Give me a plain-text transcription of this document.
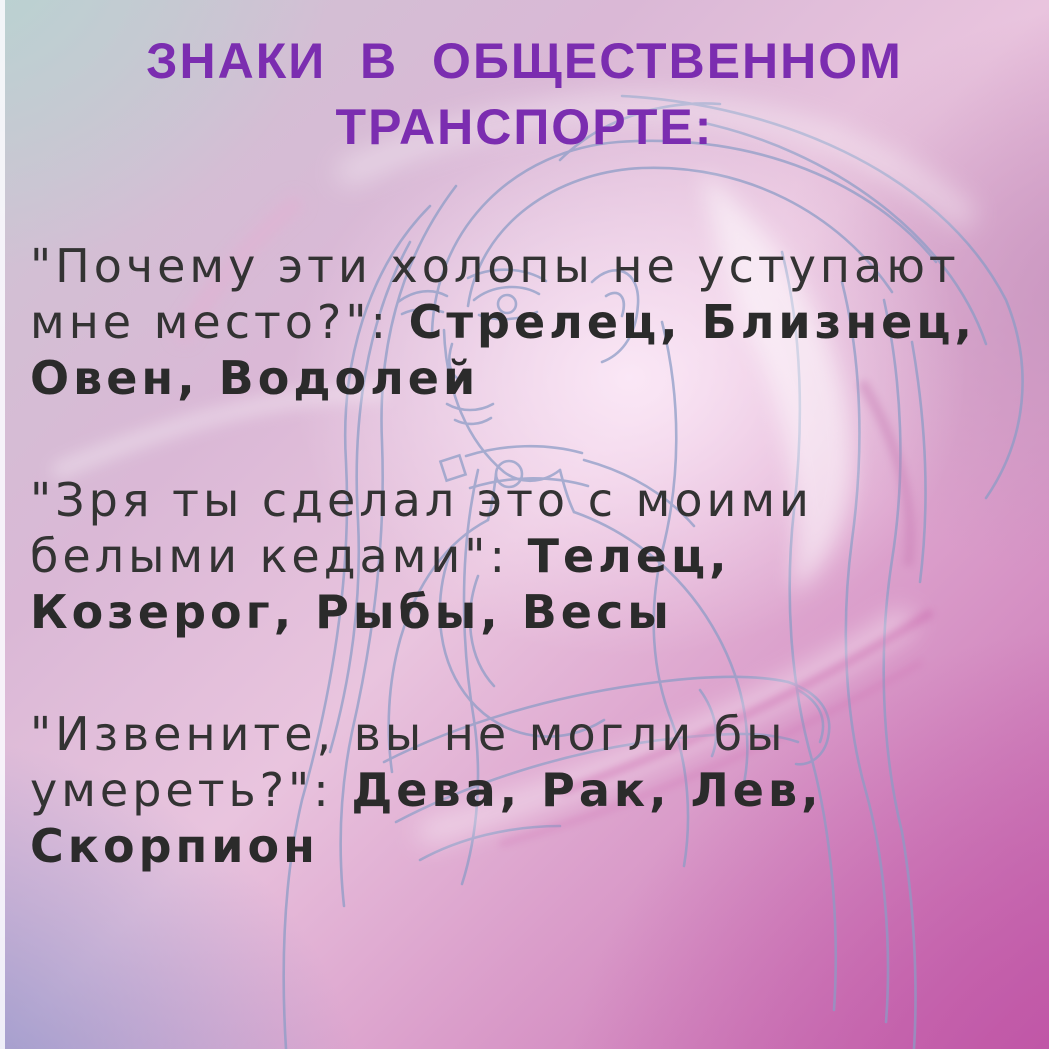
ЗНАКИ В ОБЩЕСТВЕННОМ
ТРАНСПОРТЕ:
"Почему эти холопы не уступают
мне место?": Стрелец, Близнец,
Овен, Водолей
"Зря ты сделал это с моими
белыми кедами": Телец,
Козерог, Рыбы, Весы
"Извените, вы не могли бы
умереть?": Дева, Рак, Лев,
Скорпион
